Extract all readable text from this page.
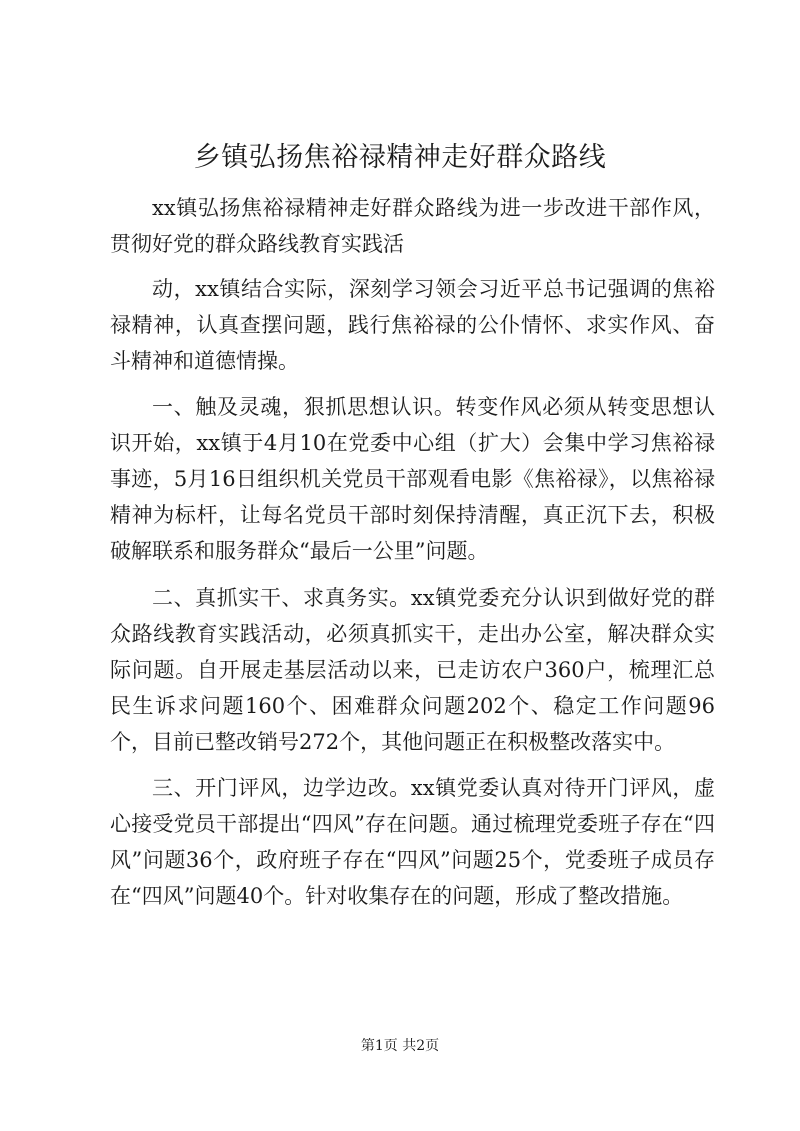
乡镇弘扬焦裕禄精神走好群众路线

xx镇弘扬焦裕禄精神走好群众路线为进一步改进干部作风，贯彻好党的群众路线教育实践活

动，xx镇结合实际，深刻学习领会习近平总书记强调的焦裕禄精神，认真查摆问题，践行焦裕禄的公仆情怀、求实作风、奋斗精神和道德情操。

一、触及灵魂，狠抓思想认识。转变作风必须从转变思想认识开始，xx镇于4月10在党委中心组（扩大）会集中学习焦裕禄事迹，5月16日组织机关党员干部观看电影《焦裕禄》，以焦裕禄精神为标杆，让每名党员干部时刻保持清醒，真正沉下去，积极破解联系和服务群众“最后一公里”问题。

二、真抓实干、求真务实。xx镇党委充分认识到做好党的群众路线教育实践活动，必须真抓实干，走出办公室，解决群众实际问题。自开展走基层活动以来，已走访农户360户，梳理汇总民生诉求问题160个、困难群众问题202个、稳定工作问题96个，目前已整改销号272个，其他问题正在积极整改落实中。

三、开门评风，边学边改。xx镇党委认真对待开门评风，虚心接受党员干部提出“四风”存在问题。通过梳理党委班子存在“四风”问题36个，政府班子存在“四风”问题25个，党委班子成员存在“四风”问题40个。针对收集存在的问题，形成了整改措施。

第1页 共2页
